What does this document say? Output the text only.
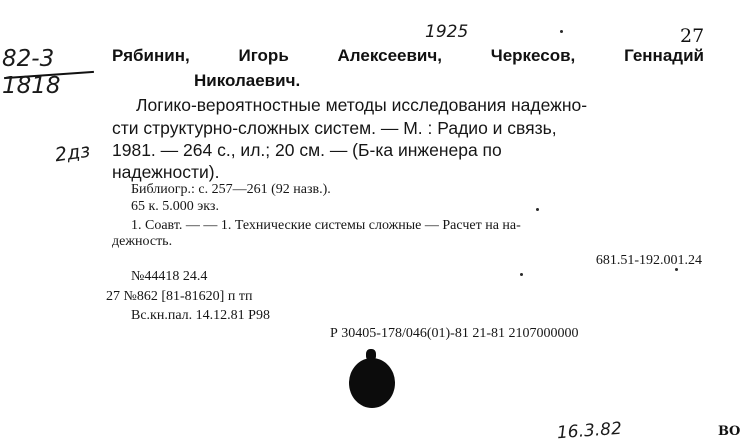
27
82-3
1818
2дз
1925
Рябинин,	Игорь	Алексеевич,	Черкесов,	Геннадий
Николаевич.
Логико-вероятностные методы исследования надежно-
сти структурно-сложных систем. — М. : Радио и связь,
1981. — 264 с., ил.; 20 см. — (Б-ка инженера по
надежности).
Библиогр.: с. 257—261 (92 назв.).
65 к. 5.000 экз.
1. Соавт. — — 1. Технические системы сложные — Расчет на на-
дежность.
681.51-192.001.24
№44418 24.4
27 №862 [81-81620] п тп
Вс.кн.пал. 14.12.81 Р98
Р 30405-178/046(01)-81 21-81 2107000000
16.3.82	ВО
